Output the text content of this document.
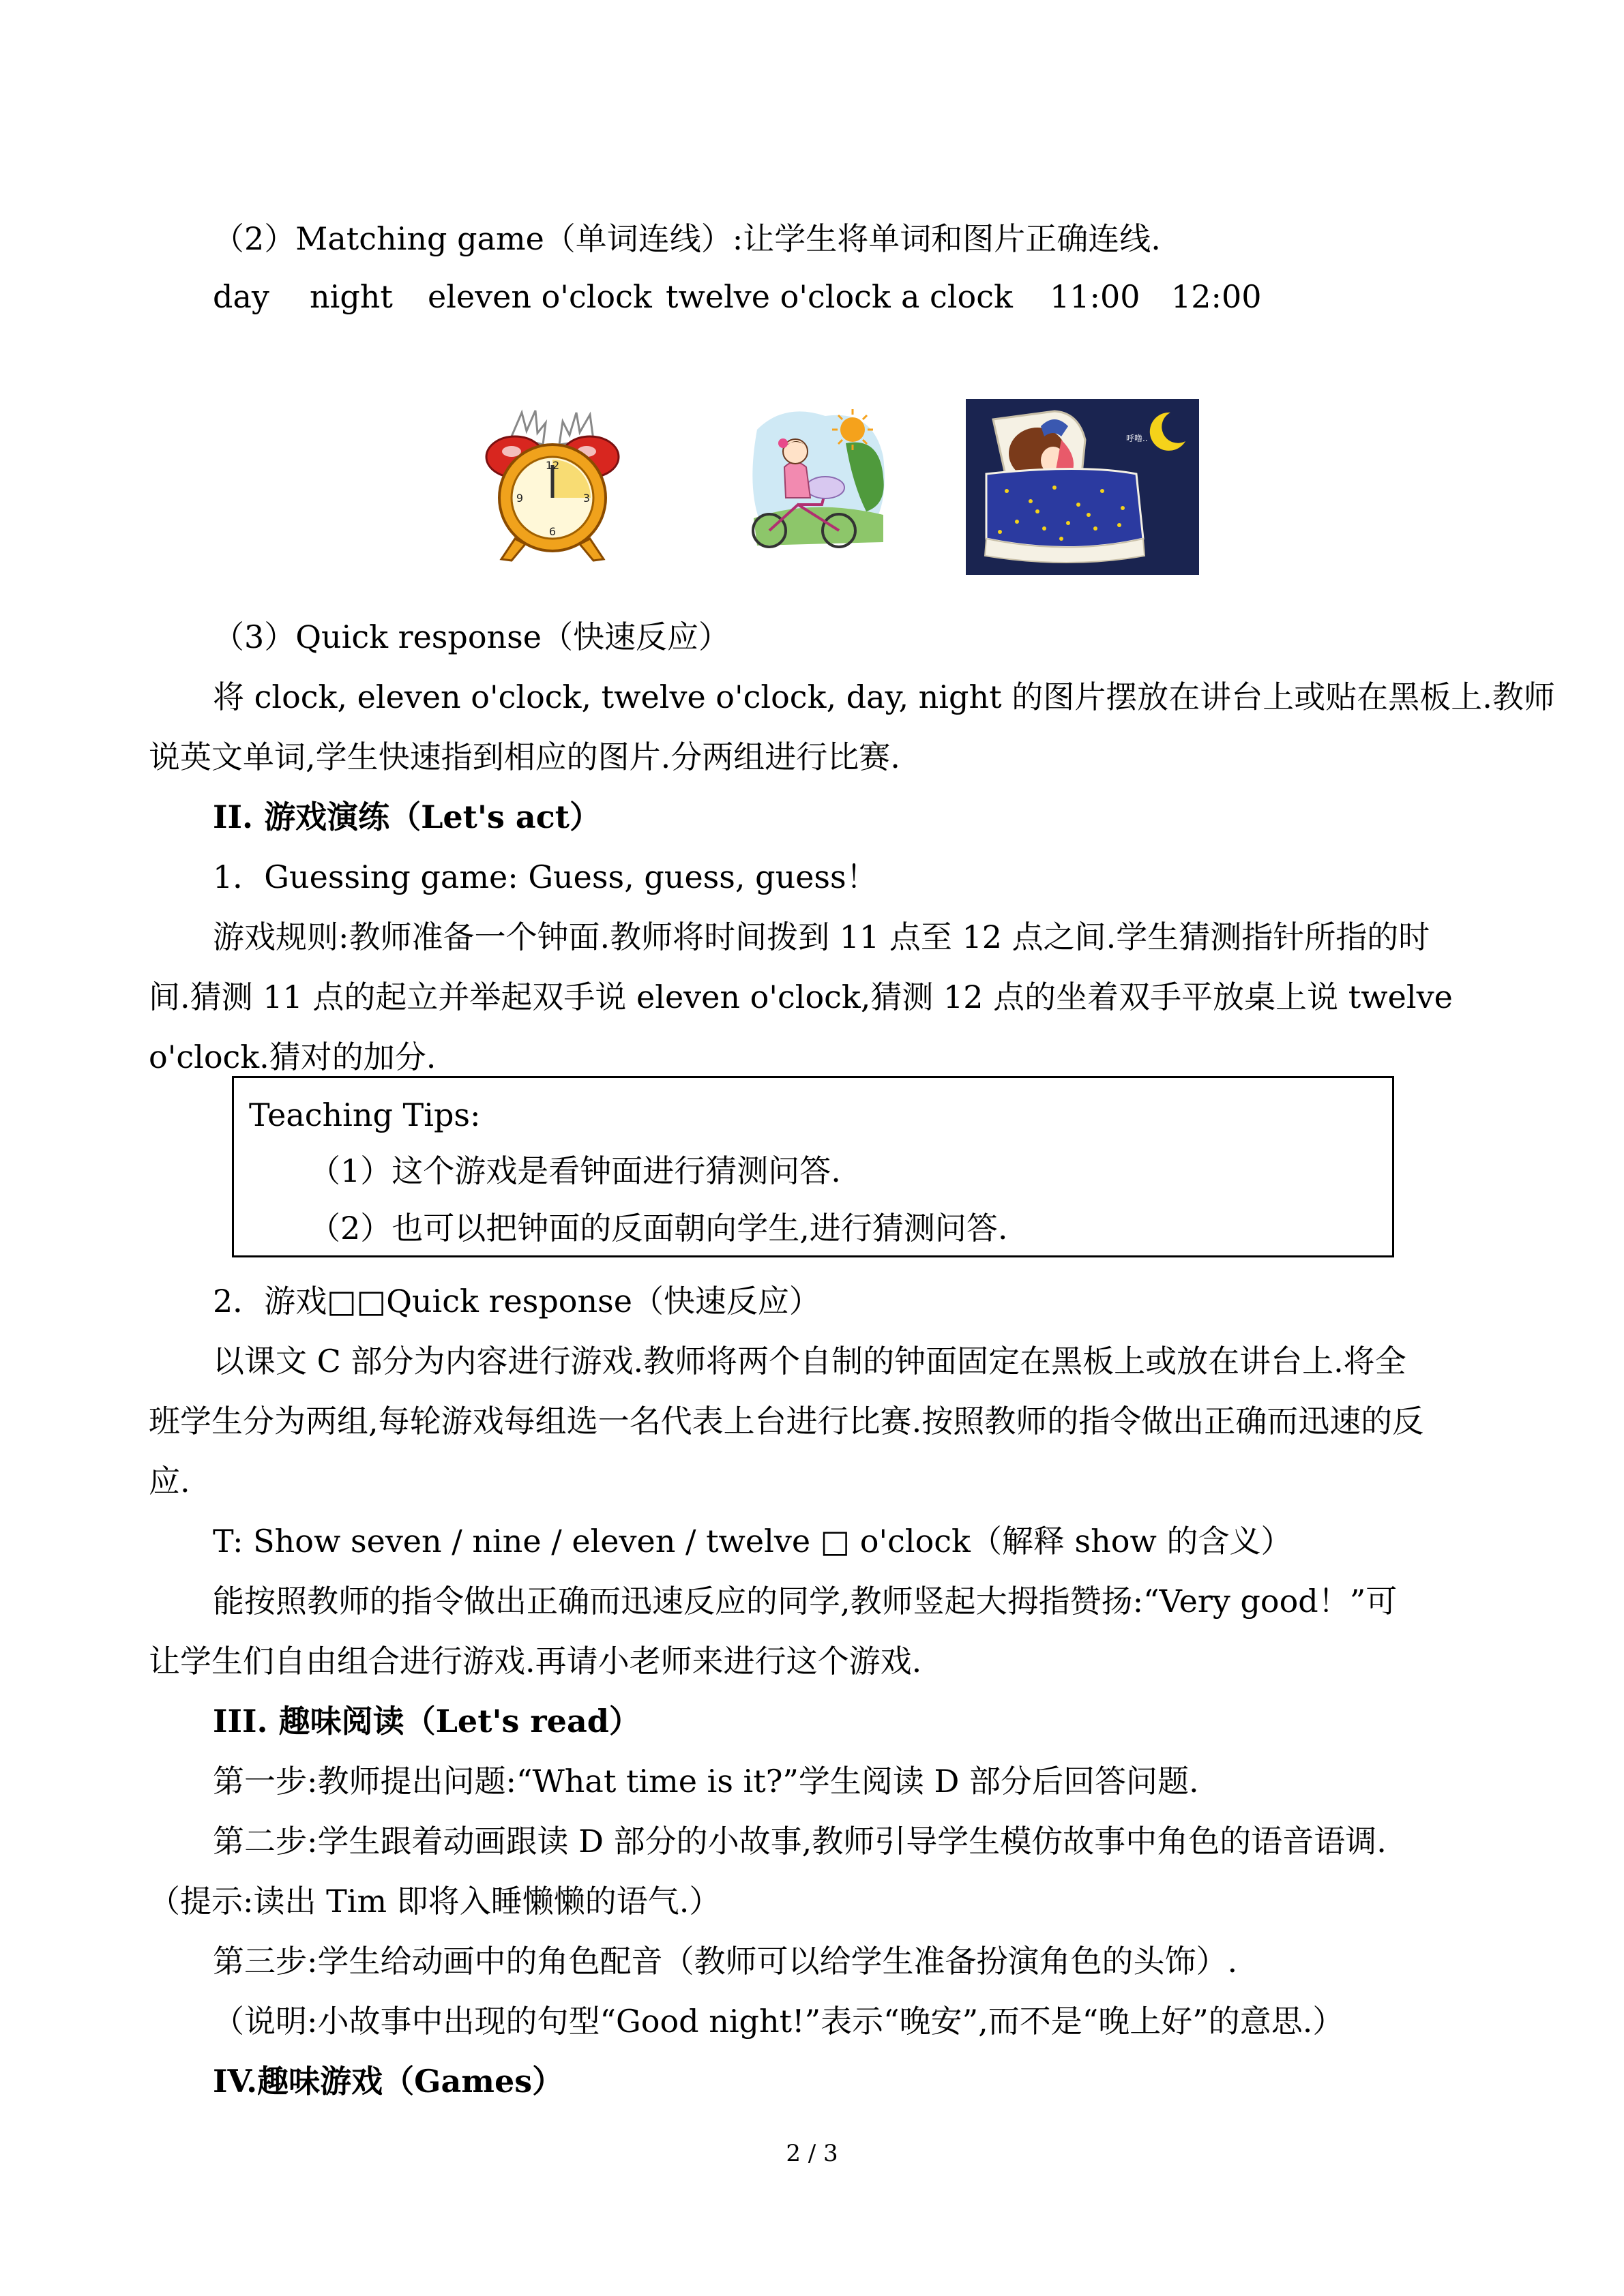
（2）Matching game（单词连线）:让学生将单词和图片正确连线.
day night eleven o'clock twelve o'clock a clock 11:00 12:00
12
3
6
9
呼噜..
（3）Quick response（快速反应）
将 clock, eleven o'clock, twelve o'clock, day, night 的图片摆放在讲台上或贴在黑板上.教师
说英文单词,学生快速指到相应的图片.分两组进行比赛.
II. 游戏演练（Let's act）
1．Guessing game: Guess, guess, guess！
游戏规则:教师准备一个钟面.教师将时间拨到 11 点至 12 点之间.学生猜测指针所指的时
间.猜测 11 点的起立并举起双手说 eleven o'clock,猜测 12 点的坐着双手平放桌上说 twelve
o'clock.猜对的加分.
Teaching Tips:
（1）这个游戏是看钟面进行猜测问答.
（2）也可以把钟面的反面朝向学生,进行猜测问答.
2．游戏□□Quick response（快速反应）
以课文 C 部分为内容进行游戏.教师将两个自制的钟面固定在黑板上或放在讲台上.将全
班学生分为两组,每轮游戏每组选一名代表上台进行比赛.按照教师的指令做出正确而迅速的反
应.
T: Show seven / nine / eleven / twelve □ o'clock（解释 show 的含义）
能按照教师的指令做出正确而迅速反应的同学,教师竖起大拇指赞扬:“Very good！”可
让学生们自由组合进行游戏.再请小老师来进行这个游戏.
III. 趣味阅读（Let's read）
第一步:教师提出问题:“What time is it?”学生阅读 D 部分后回答问题.
第二步:学生跟着动画跟读 D 部分的小故事,教师引导学生模仿故事中角色的语音语调.
（提示:读出 Tim 即将入睡懒懒的语气.）
第三步:学生给动画中的角色配音（教师可以给学生准备扮演角色的头饰）.
（说明:小故事中出现的句型“Good night!”表示“晚安”,而不是“晚上好”的意思.）
IV.趣味游戏（Games）
2 / 3
